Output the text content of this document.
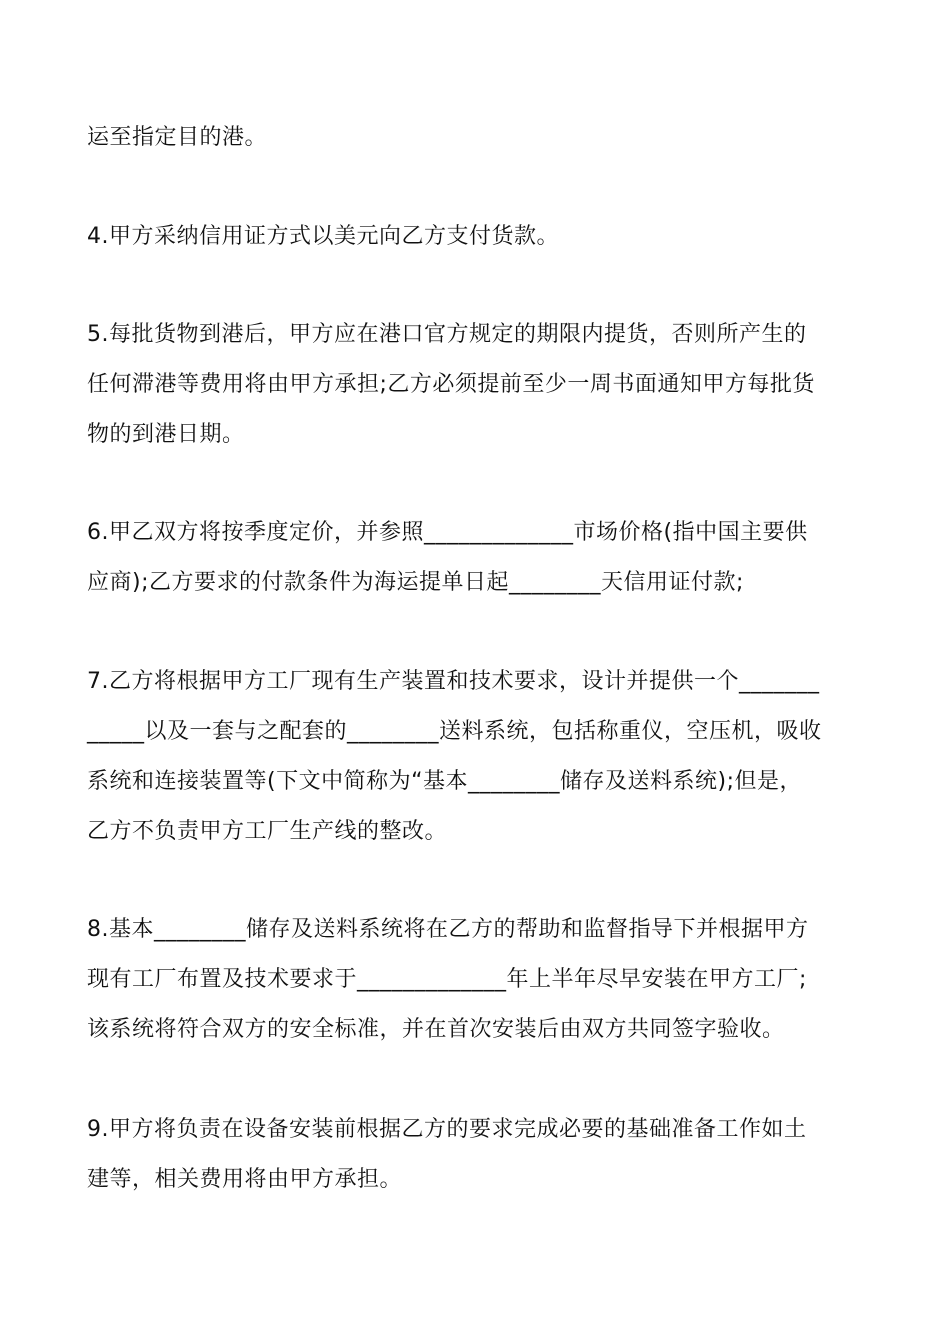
运至指定目的港。

4.甲方采纳信用证方式以美元向乙方支付货款。

5.每批货物到港后，甲方应在港口官方规定的期限内提货，否则所产生的
任何滞港等费用将由甲方承担;乙方必须提前至少一周书面通知甲方每批货
物的到港日期。

6.甲乙双方将按季度定价，并参照_____________市场价格(指中国主要供
应商);乙方要求的付款条件为海运提单日起________天信用证付款;

7.乙方将根据甲方工厂现有生产装置和技术要求，设计并提供一个_______
_____以及一套与之配套的________送料系统，包括称重仪，空压机，吸收
系统和连接装置等(下文中简称为“基本________储存及送料系统);但是，
乙方不负责甲方工厂生产线的整改。

8.基本________储存及送料系统将在乙方的帮助和监督指导下并根据甲方
现有工厂布置及技术要求于_____________年上半年尽早安装在甲方工厂;
该系统将符合双方的安全标准，并在首次安装后由双方共同签字验收。

9.甲方将负责在设备安装前根据乙方的要求完成必要的基础准备工作如土
建等，相关费用将由甲方承担。
